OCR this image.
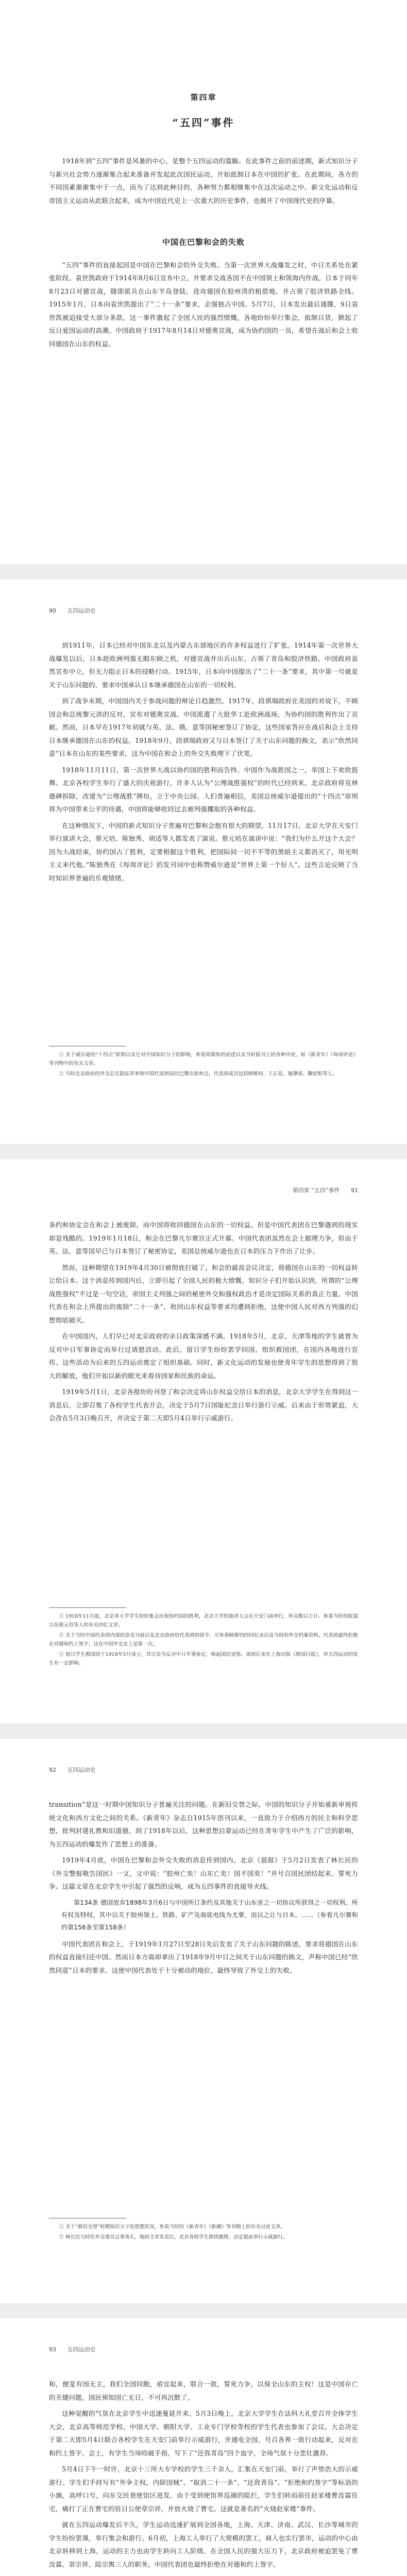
第四章
“五四”事件

1918年到“五四”事件是风暴的中心，是整个五四运动的滥觞。在此事件之前的前述期，新式知识分子与新兴社会势力逐渐集合起来准备并发起此次国民运动，开始抵制日本在中国的扩张。在此期间，各方的不同因素渐渐集中于一点，而为了达到此种目的，各种努力都相继集中在这次运动之中。新文化运动和反帝国主义运动从此联合起来，成为中国近代史上一次重大的历史事件，也揭开了中国现代史的序幕。

中国在巴黎和会的失败

“五四”事件的直接起因是中国在巴黎和会的外交失败。当第一次世界大战爆发之时，中日关系处在紧张阶段。袁世凯政府于1914年8月6日宣布中立，并要求交战各国不在中国领土和领海内作战。日本于同年8月23日对德宣战，随即派兵在山东半岛登陆，进攻德国在胶州湾的租借地，并占领了胶济铁路全线。1915年1月，日本向袁世凯提出了“二十一条”要求，企图独占中国。5月7日，日本发出最后通牒，9日袁世凯被迫接受大部分条款。这一事件激起了全国人民的强烈愤慨，各地纷纷举行集会，抵制日货，掀起了反日爱国运动的高潮。中国政府于1917年8月14日对德奥宣战，成为协约国的一员，希望在战后和会上收回德国在山东的权益。

90 五四运动史

到1911年，日本已经对中国东北以及内蒙古东部地区的许多权益进行了扩张。1914年第一次世界大战爆发以后，日本趁欧洲列强无暇东顾之机，对德宣战并出兵山东，占领了青岛和胶济铁路。中国政府虽然宣布中立，但无力阻止日本的侵略行动。1915年，日本向中国提出了“二十一条”要求，其中第一号就是关于山东问题的，要求中国承认日本继承德国在山东的一切权利。

到了战争末期，中国国内关于参战问题的辩论日趋激烈。1917年，段祺瑞政府在美国的劝说下，不顾国会和总统黎元洪的反对，宣布对德奥宣战。中国派遣了大批华工赴欧洲战场，为协约国的胜利作出了贡献。然而，日本早在1917年初就与英、法、俄、意等国秘密签订了协定，这些国家答应在战后和会上支持日本继承德国在山东的权益。1918年9月，段祺瑞政府又与日本签订了关于山东问题的换文，表示“欣然同意”日本在山东的某些要求，这为中国在和会上的外交失败埋下了伏笔。

1918年11月11日，第一次世界大战以协约国的胜利而告终。中国作为战胜国之一，举国上下欢欣鼓舞。北京各校学生举行了盛大的庆祝游行，许多人认为“公理战胜强权”的时代已经到来。北京政府将克林德碑拆除，改建为“公理战胜”牌坊，立于中央公园。人们普遍相信，美国总统威尔逊提出的“十四点”原则将为中国带来公平的待遇，中国将能够收回过去被列强攫取的各种权益。

在这种情况下，中国的新式知识分子普遍对巴黎和会抱有很大的期望。11月17日，北京大学在天安门举行演讲大会，蔡元培、陈独秀、胡适等人都发表了演说。蔡元培在演讲中说：“我们为什么开这个大会？因为大战结束，协约国占了胜利，定要根据这个胜利，把国际间一切不平等的黑暗主义都消灭了，用光明主义来代他。”陈独秀在《每周评论》的发刊词中也称赞威尔逊是“世界上第一个好人”。这些言论反映了当时知识界普遍的乐观情绪。

① 关于威尔逊的“十四点”原则以及它对中国知识分子的影响，参看周策纵的论述以及当时报刊上的各种评论，如《新青年》《每周评论》等刊物中的有关文章。

② 当时北京政府的外交总长陆征祥率领中国代表团前往巴黎出席和会，代表团成员包括顾维钧、王正廷、施肇基、魏宸组等人。

第四章 “五四”事件 91

条约和协定会在和会上被废除，而中国将收回德国在山东的一切权益。但是中国代表团在巴黎遇到的现实却是残酷的。1919年1月18日，和会在巴黎凡尔赛宫正式开幕。中国代表团虽然在会上据理力争，但由于英、法、意等国早已与日本签订了秘密协定，美国总统威尔逊也在日本的压力下作出了让步。

然而，这种期望在1919年4月30日被彻底打破了。和会的最高会议决定，将德国在山东的一切权益转让给日本。这个消息传到国内后，立即引起了全国人民的极大愤慨。知识分子们开始认识到，所谓的“公理战胜强权”不过是一句空话，帝国主义列强之间的秘密外交和强权政治才是决定国际关系的真正力量。中国代表在和会上所提出的废除“二十一条”、收回山东权益等要求均遭到拒绝，这使中国人民对西方列强的幻想彻底破灭。

在中国国内，人们早已对北京政府的亲日政策深感不满。1918年5月，北京、天津等地的学生就曾为反对中日军事协定而举行过请愿活动。此后，留日学生纷纷罢学回国，组织救国团，在国内各地进行宣传。这些活动为后来的五四运动奠定了组织基础。同时，新文化运动的发展也使青年学生的思想得到了很大的解放，他们开始以新的眼光来看待国家和民族的命运。

1919年5月1日，北京各报纷纷刊登了和会决定将山东权益交给日本的消息，北京大学学生在得到这一消息后，立即召集了各校学生代表开会，决定于5月7日国耻纪念日举行游行示威。后来由于形势紧迫，大会改在5月3日晚召开，并决定于第二天即5月4日举行示威游行。

① 1918年11月底，北京各大学学生纷纷集会庆祝协约国的胜利，北京大学的演讲大会在天安门前举行，听众数以万计。参看当时的报道以及蔡元培等人的有关回忆文章。

② 关于当时中国代表团内部的意见分歧以及北京政府给代表团的训令，可参看顾维钧的回忆录以及当时的外交档案资料。代表团最终拒绝在对德和约上签字，这在中国外交史上是第一次。

③ 留日学生救国团于1918年5月成立，其宗旨为反对中日军事协定，唤起国民觉悟。该团后来在上海出版《救国日报》，对五四运动的发生有一定影响。

92 五四运动史

transition”是这一时期中国知识分子普遍关注的问题。在新旧交替之际，中国的知识分子开始重新审视传统文化和西方文化之间的关系。《新青年》杂志自1915年创刊以来，一直致力于介绍西方的民主和科学思想，批判封建礼教和旧道德。到了1918年以后，这种思想启蒙运动已经在青年学生中产生了广泛的影响，为五四运动的爆发作了思想上的准备。

1919年4月底，中国在巴黎和会外交失败的消息传到国内。北京《晨报》于5月2日发表了林长民的《外交警报敬告国民》一文，文中说：“胶州亡矣！山东亡矣！国不国矣！”并号召国民团结起来，誓死力争。这篇文章在北京学生中引起了强烈的反响，成为五四事件的直接导火线。

第134条 德国放弃1898年3月6日与中国所订条约及其他关于山东省之一切协议所获得之一切权利、所有权及特权，其中以关于胶州领土、铁路、矿产及海底电线为尤要，而以之让与日本。……（参看凡尔赛和约第156条至第158条）

中国代表团在和会上，于1919年1月27日至28日先后发表了关于山东问题的陈述，要求将德国在山东的权益直接归还中国。然而日本方面却拿出了1918年9月中日之间关于山东问题的换文，声称中国已经“欣然同意”日本的要求。这使中国代表处于十分被动的地位，最终导致了外交上的失败。

① 关于“新旧交替”时期知识分子的思想状况，参看当时的《新青年》《新潮》等刊物上的有关讨论文章。

② 林长民当时任外交委员会事务长，他的文章发表后，北京各校学生群情激愤，决定提前举行示威游行。

93 五四运动史

和，便是有国无主。我们全国同胞，亟宜起来，联合一致，誓死力争，以保全山东的主权！这是中国存亡的关键问题，国民须知国亡无日，不可再沉默了。

这种觉醒的气氛在北京学生中迅速蔓延开来。5月3日晚上，北京大学学生在法科大礼堂召开全体学生大会，北京高等师范学校、中国大学、朝阳大学、工业专门学校等校的学生代表也参加了会议。大会决定于第二天即5月4日联合各校学生在天安门前举行示威游行，并通电全国，号召各界一致行动起来，反对在和约上签字。会上，有学生当场咬破手指，写下了“还我青岛”四个血字，全场气氛十分悲壮激昂。

5月4日下午一时许，北京十三所大专学校的学生三千余人，汇集在天安门前，举行了声势浩大的示威游行。学生们手持写有“外争主权，内除国贼”、“取消二十一条”、“还我青岛”、“拒绝和约签字”等标语的小旗，高呼口号，向东交民巷使馆区进发。由于受到使馆界巡捕的阻拦，学生们转而前往赵家楼曹汝霖住宅，痛打了正在曹宅的驻日公使章宗祥，并放火烧了曹宅。这就是著名的“火烧赵家楼”事件。

就在五四运动爆发后不久，学生运动迅速扩展到全国各地，上海、天津、济南、武汉、长沙等城市的学生纷纷罢课，举行集会和游行。6月初，上海工人举行了大规模的罢工，商人也实行罢市，运动的中心由北京转移到上海，运动的主力也由学生转向工人阶级。在全国人民的强大压力下，北京政府被迫罢免了曹汝霖、章宗祥、陆宗舆三人的职务，中国代表团也最终拒绝在对德和约上签字。
